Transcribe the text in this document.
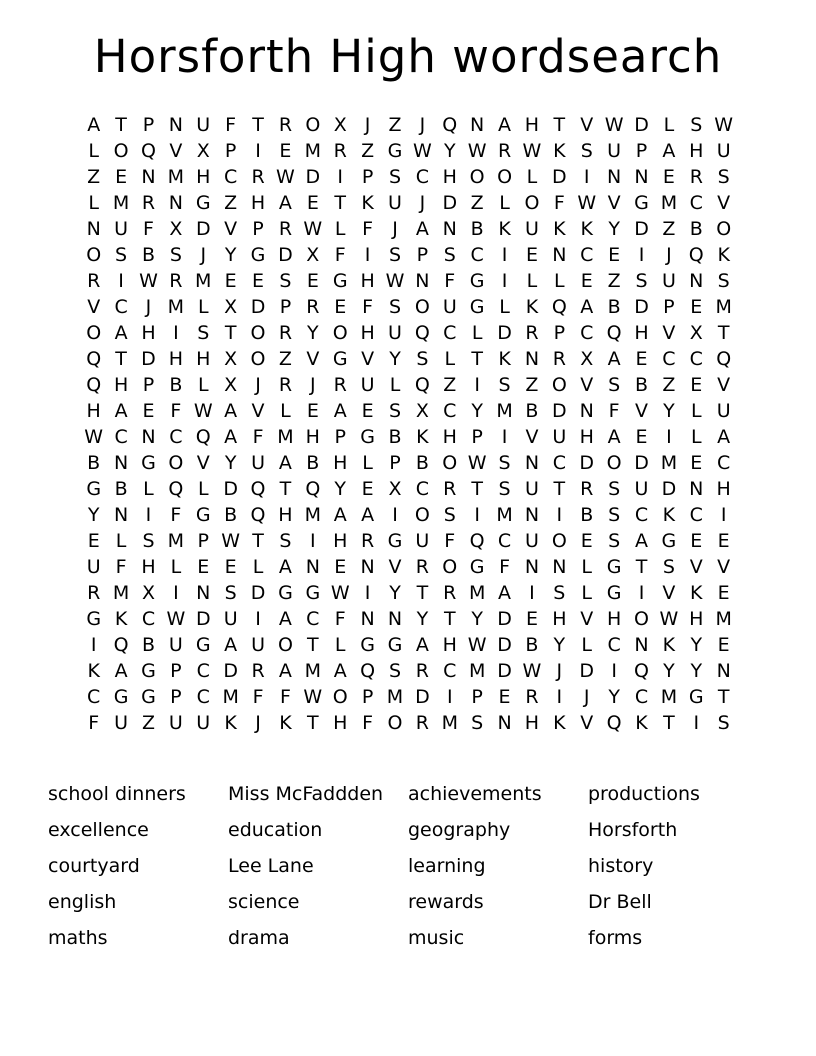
Horsforth High wordsearch
A T P N U F T R O X J Z J Q N A H T V W D L S W
L O Q V X P I E M R Z G W Y W R W K S U P A H U
Z E N M H C R W D I P S C H O O L D I N N E R S
L M R N G Z H A E T K U J D Z L O F W V G M C V
N U F X D V P R W L F	J A N B K U K K Y D Z B O
O S B S J Y G D X F	I S P S C I E N C E I	J Q K
R I W R M E E S E G H W N F G I	L L E Z S U N S
V C J M L X D P R E F S O U G L K Q A B D P E M
O A H I S T O R Y O H U Q C L D R P C Q H V X T
Q T D H H X O Z V G V Y S L T K N R X A E C C Q
Q H P B L X J R J R U L Q Z I S Z O V S B Z E V
H A E F W A V L E A E S X C Y M B D N F V Y L U
W C N C Q A F M H P G B K H P I V U H A E I	L A
B N G O V Y U A B H L P B O W S N C D O D M E C
G B L Q L D Q T Q Y E X C R T S U T R S U D N H
Y N I	F G B Q H M A A I O S I M N I B S C K C I
E L S M P W T S I H R G U F Q C U O E S A G E E
U F H L E E L A N E N V R O G F N N L G T S V V
R M X I N S D G G W I Y T R M A I S L G I V K E
G K C W D U I A C F N N Y T Y D E H V H O W H M
I Q B U G A U O T L G G A H W D B Y L C N K Y E
K A G P C D R A M A Q S R C M D W J D I Q Y Y N
C G G P C M F F W O P M D I P E R I	J Y C M G T
F U Z U U K J K T H F O R M S N H K V Q K T I S
school dinners
excellence
courtyard
english
maths
Miss McFaddden
education
Lee Lane
science
drama
achievements
geography
learning
rewards
music
productions
Horsforth
history
Dr Bell
forms
